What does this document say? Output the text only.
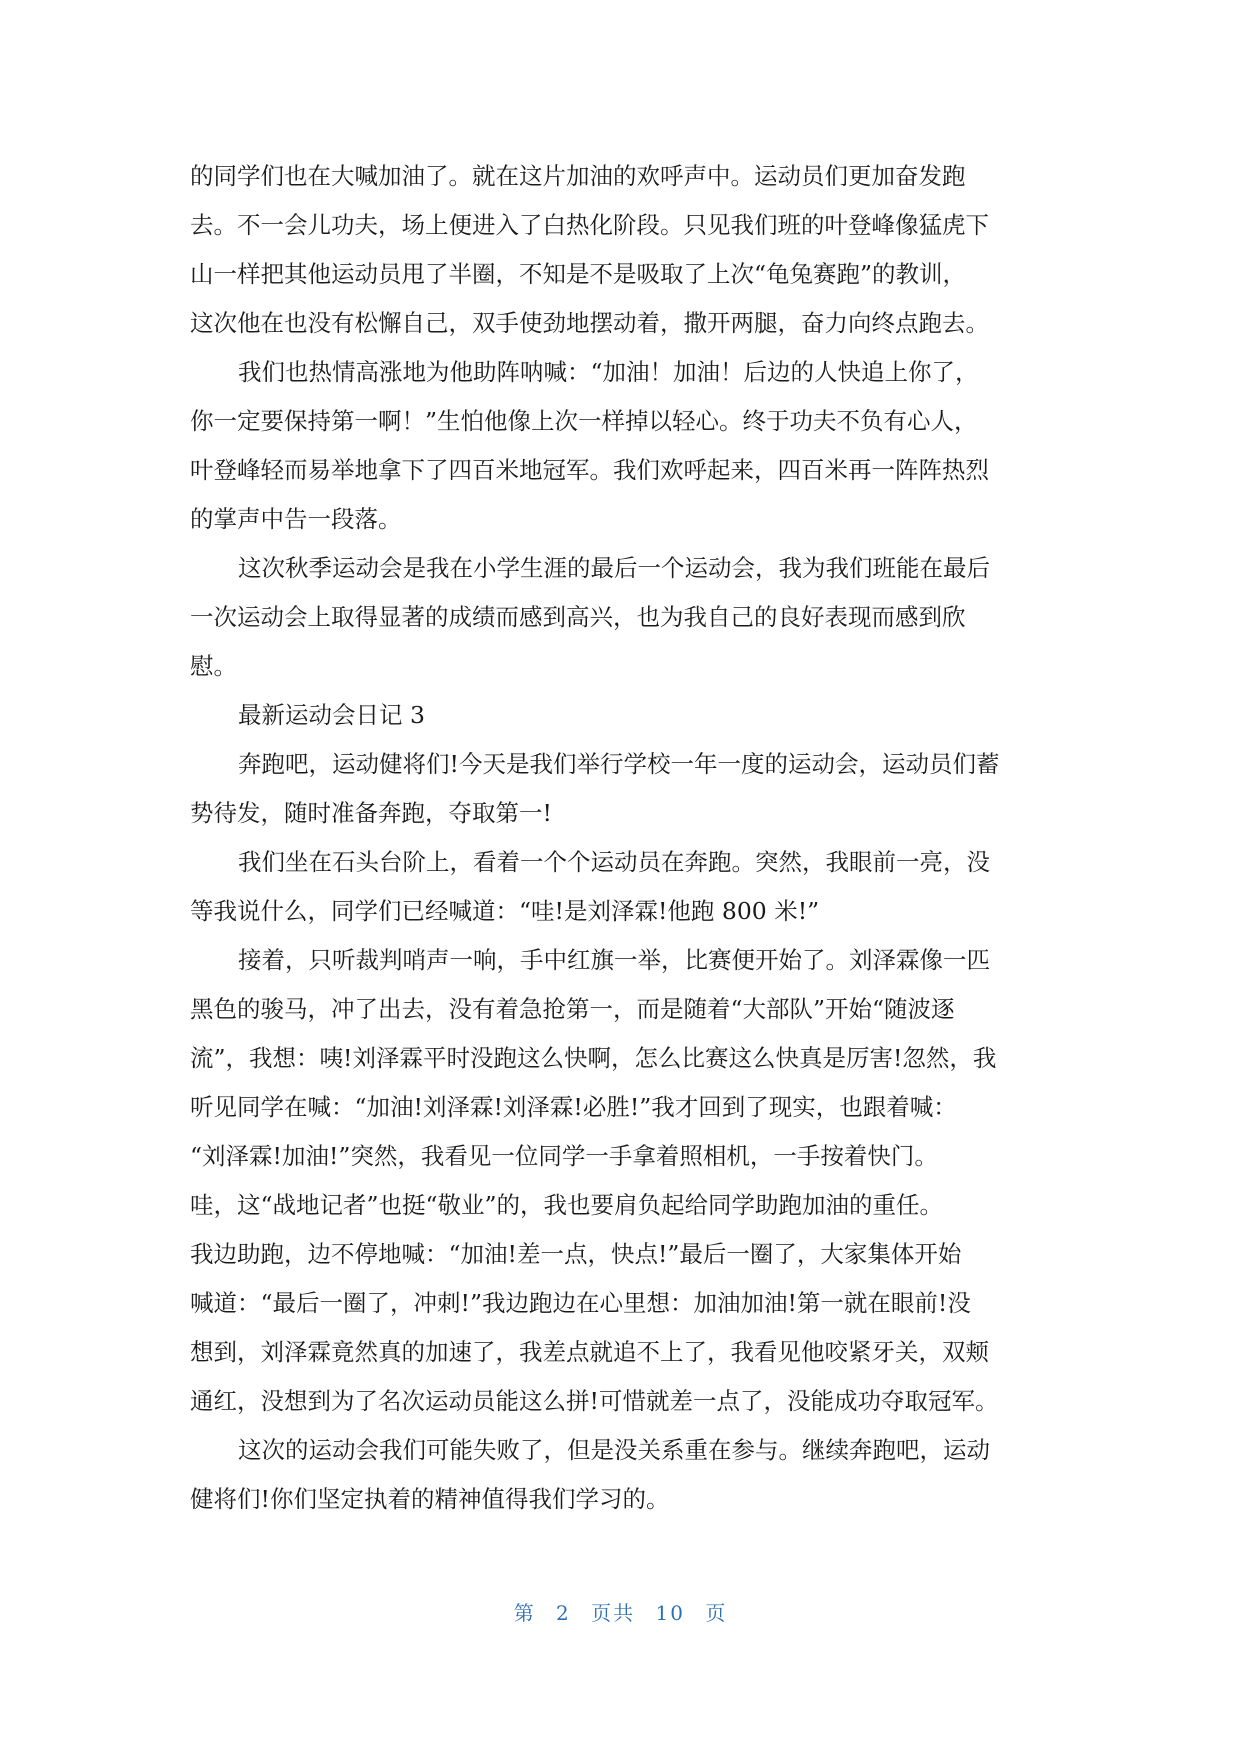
的同学们也在大喊加油了。就在这片加油的欢呼声中。运动员们更加奋发跑
去。不一会儿功夫，场上便进入了白热化阶段。只见我们班的叶登峰像猛虎下
山一样把其他运动员甩了半圈，不知是不是吸取了上次“龟兔赛跑”的教训，
这次他在也没有松懈自己，双手使劲地摆动着，撒开两腿，奋力向终点跑去。
我们也热情高涨地为他助阵呐喊：“加油！加油！后边的人快追上你了，
你一定要保持第一啊！”生怕他像上次一样掉以轻心。终于功夫不负有心人，
叶登峰轻而易举地拿下了四百米地冠军。我们欢呼起来，四百米再一阵阵热烈
的掌声中告一段落。
这次秋季运动会是我在小学生涯的最后一个运动会，我为我们班能在最后
一次运动会上取得显著的成绩而感到高兴，也为我自己的良好表现而感到欣
慰。
最新运动会日记 3
奔跑吧，运动健将们!今天是我们举行学校一年一度的运动会，运动员们蓄
势待发，随时准备奔跑，夺取第一!
我们坐在石头台阶上，看着一个个运动员在奔跑。突然，我眼前一亮，没
等我说什么，同学们已经喊道：“哇!是刘泽霖!他跑 800 米!”
接着，只听裁判哨声一响，手中红旗一举，比赛便开始了。刘泽霖像一匹
黑色的骏马，冲了出去，没有着急抢第一，而是随着“大部队”开始“随波逐
流”，我想：咦!刘泽霖平时没跑这么快啊，怎么比赛这么快真是厉害!忽然，我
听见同学在喊：“加油!刘泽霖!刘泽霖!必胜!”我才回到了现实，也跟着喊：
“刘泽霖!加油!”突然，我看见一位同学一手拿着照相机，一手按着快门。
哇，这“战地记者”也挺“敬业”的，我也要肩负起给同学助跑加油的重任。
我边助跑，边不停地喊：“加油!差一点，快点!”最后一圈了，大家集体开始
喊道：“最后一圈了，冲刺!”我边跑边在心里想：加油加油!第一就在眼前!没
想到，刘泽霖竟然真的加速了，我差点就追不上了，我看见他咬紧牙关，双颊
通红，没想到为了名次运动员能这么拼!可惜就差一点了，没能成功夺取冠军。
这次的运动会我们可能失败了，但是没关系重在参与。继续奔跑吧，运动
健将们!你们坚定执着的精神值得我们学习的。
第 2 页共 10 页
